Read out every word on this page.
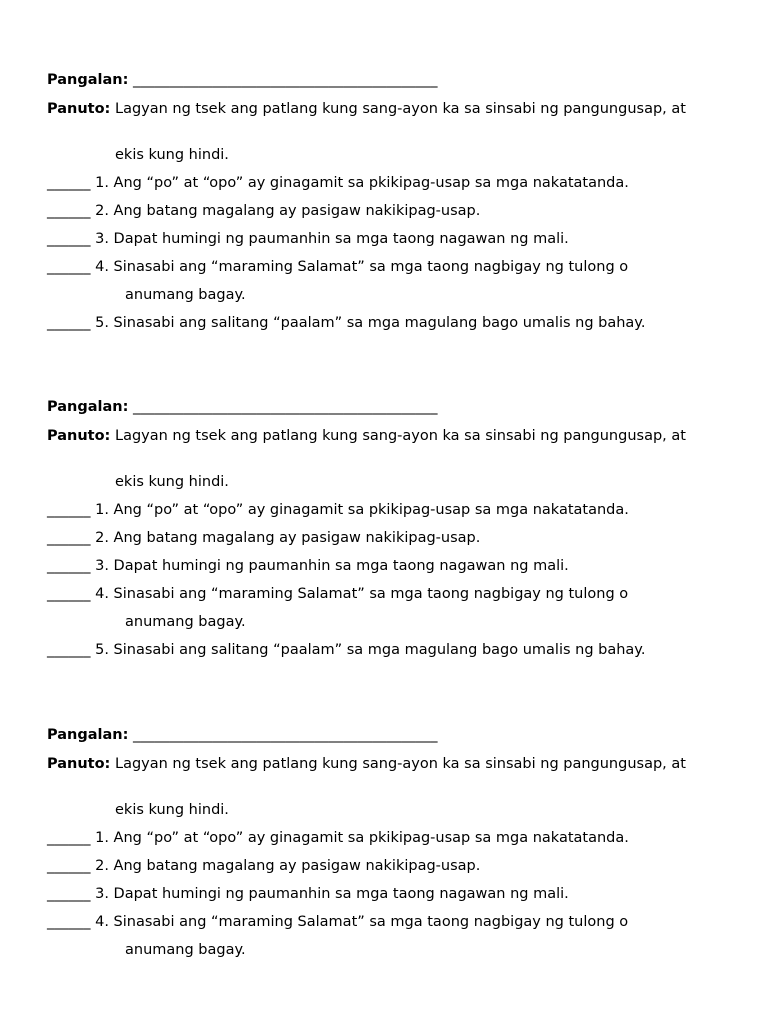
Pangalan: __________________________________________
Panuto: Lagyan ng tsek ang patlang kung sang-ayon ka sa sinsabi ng pangungusap, at
ekis kung hindi.
______ 1. Ang “po” at “opo” ay ginagamit sa pkikipag-usap sa mga nakatatanda.
______ 2. Ang batang magalang ay pasigaw nakikipag-usap.
______ 3. Dapat humingi ng paumanhin sa mga taong nagawan ng mali.
______ 4. Sinasabi ang “maraming Salamat” sa mga taong nagbigay ng tulong o
anumang bagay.
______ 5. Sinasabi ang salitang “paalam” sa mga magulang bago umalis ng bahay.
Pangalan: __________________________________________
Panuto: Lagyan ng tsek ang patlang kung sang-ayon ka sa sinsabi ng pangungusap, at
ekis kung hindi.
______ 1. Ang “po” at “opo” ay ginagamit sa pkikipag-usap sa mga nakatatanda.
______ 2. Ang batang magalang ay pasigaw nakikipag-usap.
______ 3. Dapat humingi ng paumanhin sa mga taong nagawan ng mali.
______ 4. Sinasabi ang “maraming Salamat” sa mga taong nagbigay ng tulong o
anumang bagay.
______ 5. Sinasabi ang salitang “paalam” sa mga magulang bago umalis ng bahay.
Pangalan: __________________________________________
Panuto: Lagyan ng tsek ang patlang kung sang-ayon ka sa sinsabi ng pangungusap, at
ekis kung hindi.
______ 1. Ang “po” at “opo” ay ginagamit sa pkikipag-usap sa mga nakatatanda.
______ 2. Ang batang magalang ay pasigaw nakikipag-usap.
______ 3. Dapat humingi ng paumanhin sa mga taong nagawan ng mali.
______ 4. Sinasabi ang “maraming Salamat” sa mga taong nagbigay ng tulong o
anumang bagay.
